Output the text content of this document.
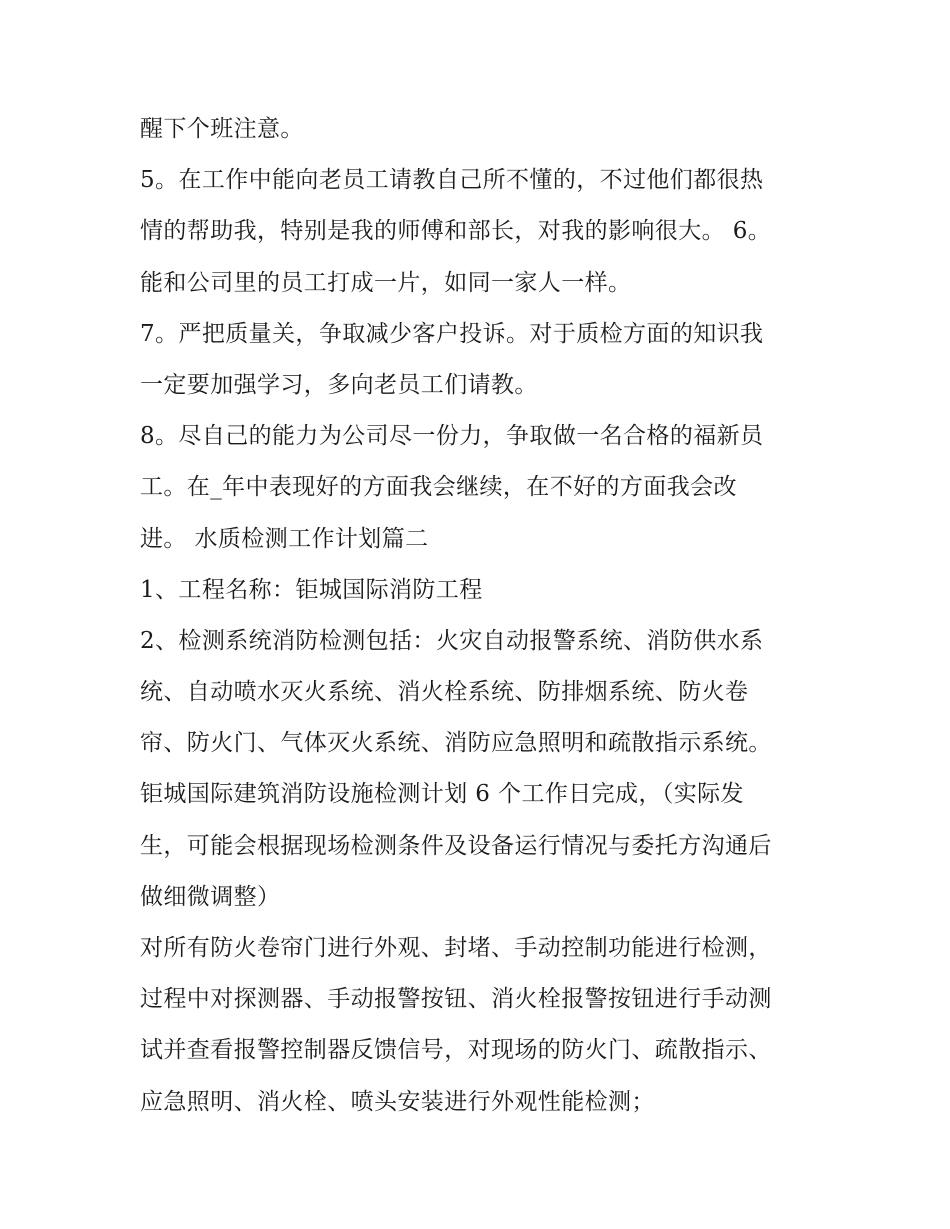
醒下个班注意。
5。在工作中能向老员工请教自己所不懂的，不过他们都很热
情的帮助我，特别是我的师傅和部长，对我的影响很大。 6。
能和公司里的员工打成一片，如同一家人一样。
7。严把质量关，争取减少客户投诉。对于质检方面的知识我
一定要加强学习，多向老员工们请教。
8。尽自己的能力为公司尽一份力，争取做一名合格的福新员
工。在_年中表现好的方面我会继续，在不好的方面我会改
进。 水质检测工作计划篇二
1、工程名称：钜城国际消防工程
2、检测系统消防检测包括：火灾自动报警系统、消防供水系
统、自动喷水灭火系统、消火栓系统、防排烟系统、防火卷
帘、防火门、气体灭火系统、消防应急照明和疏散指示系统。
钜城国际建筑消防设施检测计划 6 个工作日完成，（实际发
生，可能会根据现场检测条件及设备运行情况与委托方沟通后
做细微调整）
对所有防火卷帘门进行外观、封堵、手动控制功能进行检测，
过程中对探测器、手动报警按钮、消火栓报警按钮进行手动测
试并查看报警控制器反馈信号，对现场的防火门、疏散指示、
应急照明、消火栓、喷头安装进行外观性能检测；
